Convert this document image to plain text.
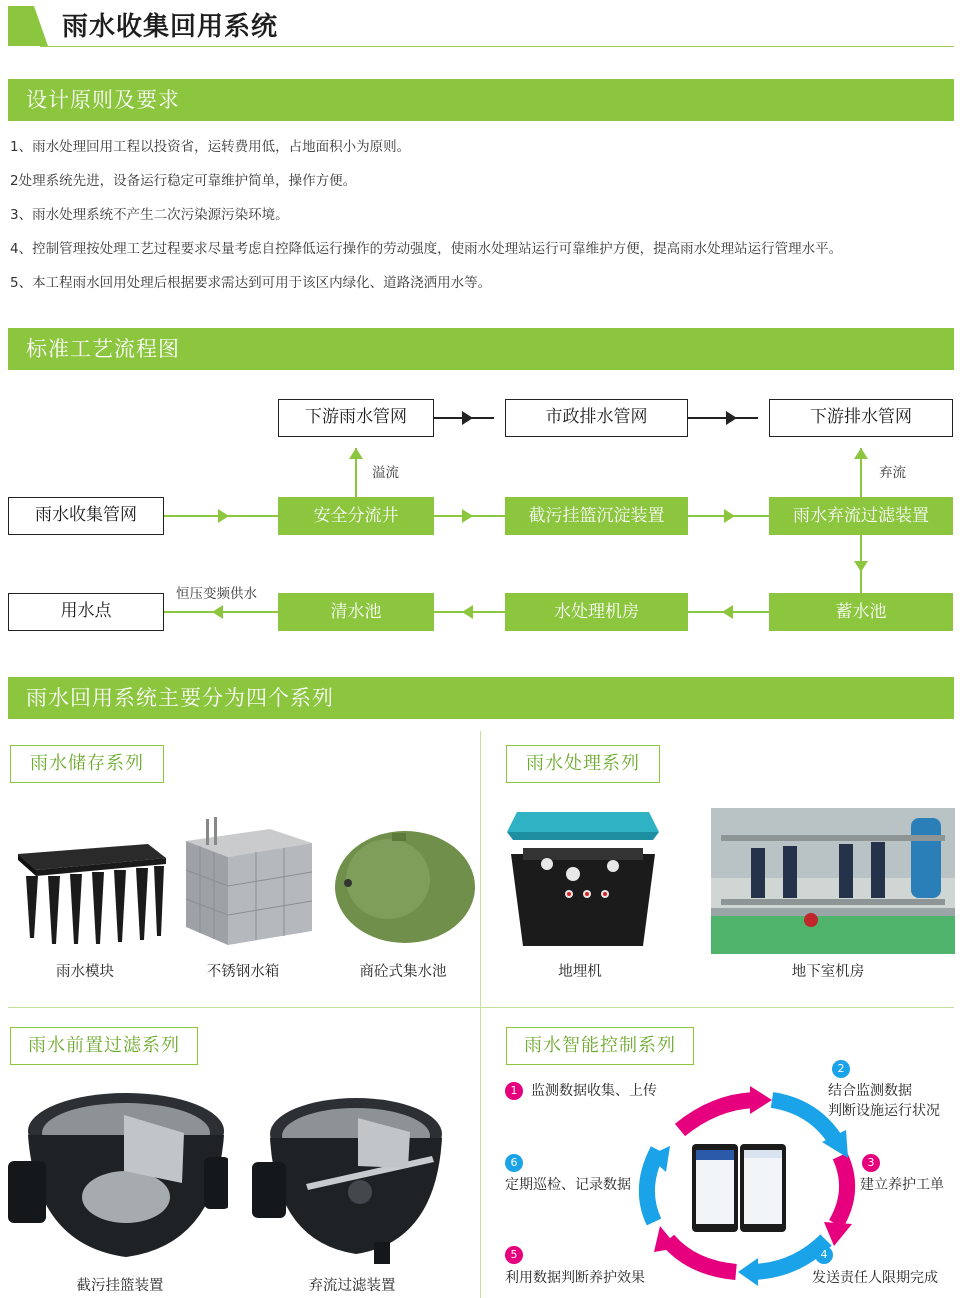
雨水收集回用系统
设计原则及要求
1、雨水处理回用工程以投资省，运转费用低，占地面积小为原则。
2处理系统先进，设备运行稳定可靠维护简单，操作方便。
3、雨水处理系统不产生二次污染源污染环境。
4、控制管理按处理工艺过程要求尽量考虑自控降低运行操作的劳动强度，使雨水处理站运行可靠维护方便，提高雨水处理站运行管理水平。
5、本工程雨水回用处理后根据要求需达到可用于该区内绿化、道路浇洒用水等。
标准工艺流程图
下游雨水管网	市政排水管网	下游排水管网
雨水收集管网	安全分流井	截污挂篮沉淀装置	雨水弃流过滤装置
溢流	弃流
用水点	清水池	水处理机房	蓄水池
恒压变频供水
雨水回用系统主要分为四个系列
雨水储存系列
雨水模块	不锈钢水箱	商砼式集水池
雨水处理系列
地埋机	地下室机房
雨水前置过滤系列
截污挂篮装置	弃流过滤装置
雨水智能控制系列
1 监测数据收集、上传
2
结合监测数据
判断设施运行状况
3
建立养护工单
4
发送责任人限期完成
5
利用数据判断养护效果
6
定期巡检、记录数据
